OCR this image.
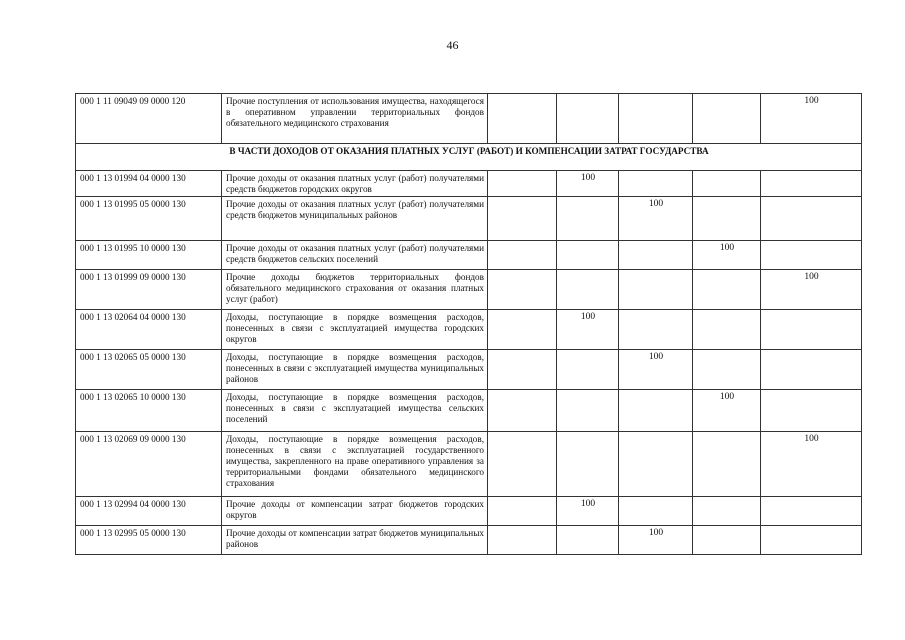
46
000 1 11 09049 09 0000 120	Прочие поступления от использования имущества, находящегося в оперативном управлении территориальных фондов обязательного медицинского страхования					100
В ЧАСТИ ДОХОДОВ ОТ ОКАЗАНИЯ ПЛАТНЫХ УСЛУГ (РАБОТ) И КОМПЕНСАЦИИ ЗАТРАТ ГОСУДАРСТВА						
000 1 13 01994 04 0000 130	Прочие доходы от оказания платных услуг (работ) получателями средств бюджетов городских округов		100			
000 1 13 01995 05 0000 130	Прочие доходы от оказания платных услуг (работ) получателями средств бюджетов муниципальных районов			100		
000 1 13 01995 10 0000 130	Прочие доходы от оказания платных услуг (работ) получателями средств бюджетов сельских поселений				100	
000 1 13 01999 09 0000 130	Прочие доходы бюджетов территориальных фондов обязательного медицинского страхования от оказания платных услуг (работ)					100
000 1 13 02064 04 0000 130	Доходы, поступающие в порядке возмещения расходов, понесенных в связи с эксплуатацией имущества городских округов		100			
000 1 13 02065 05 0000 130	Доходы, поступающие в порядке возмещения расходов, понесенных в связи с эксплуатацией имущества муниципальных районов			100		
000 1 13 02065 10 0000 130	Доходы, поступающие в порядке возмещения расходов, понесенных в связи с эксплуатацией имущества сельских поселений				100	
000 1 13 02069 09 0000 130	Доходы, поступающие в порядке возмещения расходов, понесенных в связи с эксплуатацией государственного имущества, закрепленного на праве оперативного управления за территориальными фондами обязательного медицинского страхования					100
000 1 13 02994 04 0000 130	Прочие доходы от компенсации затрат бюджетов городских округов		100			
000 1 13 02995 05 0000 130	Прочие доходы от компенсации затрат бюджетов муниципальных районов			100		
